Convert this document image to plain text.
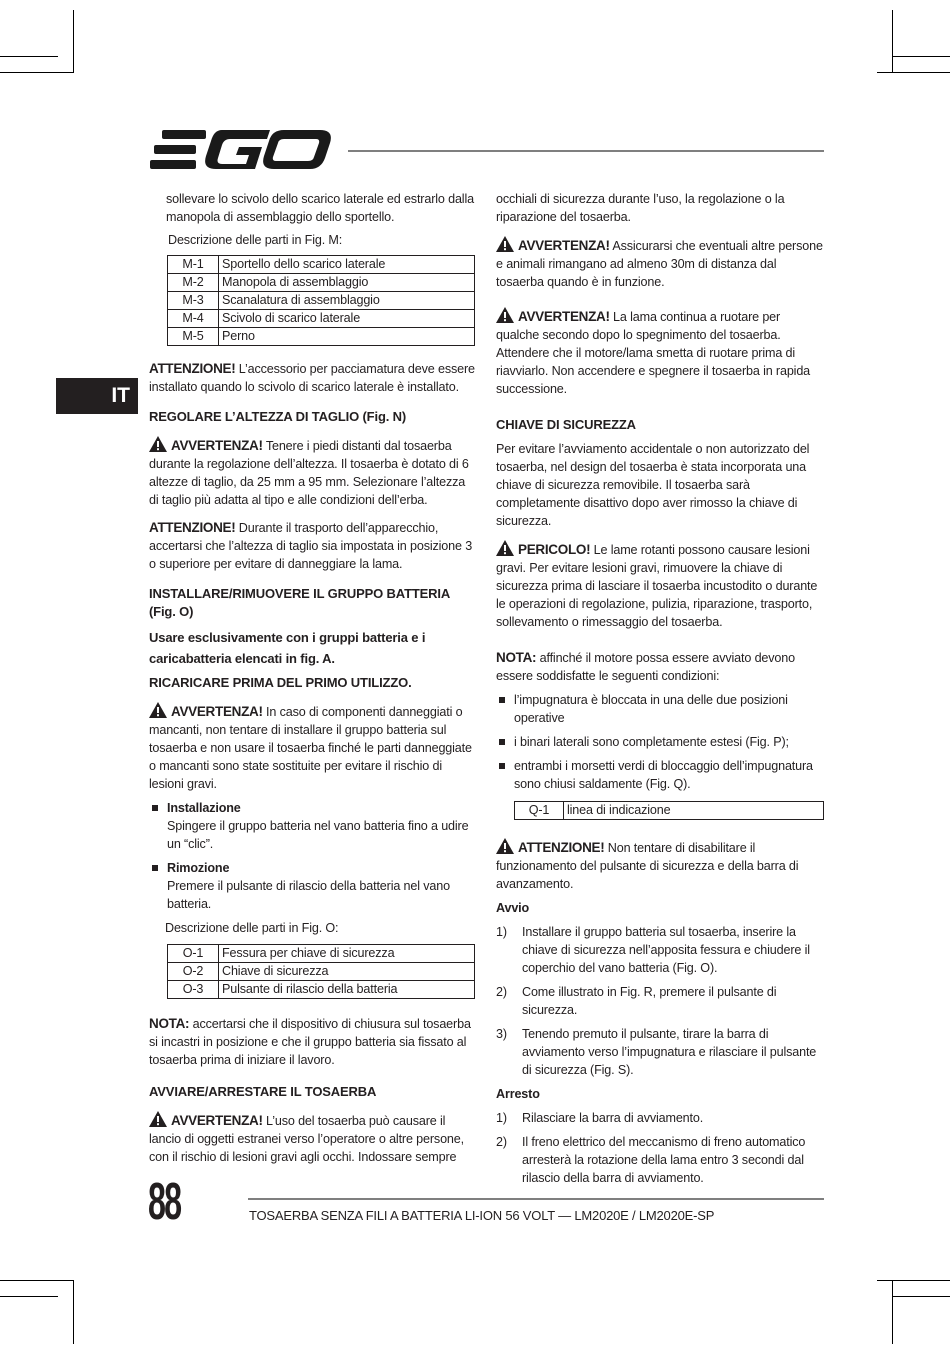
IT

sollevare lo scivolo dello scarico laterale ed estrarlo dalla manopola di assemblaggio dello sportello.

Descrizione delle parti in Fig. M:

M-1	Sportello dello scarico laterale
M-2	Manopola di assemblaggio
M-3	Scanalatura di assemblaggio
M-4	Scivolo di scarico laterale
M-5	Perno

ATTENZIONE! L’accessorio per pacciamatura deve essere installato quando lo scivolo di scarico laterale è installato.

REGOLARE L’ALTEZZA DI TAGLIO (Fig. N)

AVVERTENZA! Tenere i piedi distanti dal tosaerba durante la regolazione dell’altezza. Il tosaerba è dotato di 6 altezze di taglio, da 25 mm a 95 mm. Selezionare l’altezza di taglio più adatta al tipo e alle condizioni dell’erba.

ATTENZIONE! Durante il trasporto dell’apparecchio, accertarsi che l’altezza di taglio sia impostata in posizione 3 o superiore per evitare di danneggiare la lama.

INSTALLARE/RIMUOVERE IL GRUPPO BATTERIA (Fig. O)

Usare esclusivamente con i gruppi batteria e i caricabatteria elencati in fig. A.

RICARICARE PRIMA DEL PRIMO UTILIZZO.

AVVERTENZA! In caso di componenti danneggiati o mancanti, non tentare di installare il gruppo batteria sul tosaerba e non usare il tosaerba finché le parti danneggiate o mancanti sono state sostituite per evitare il rischio di lesioni gravi.

Installazione
Spingere il gruppo batteria nel vano batteria fino a udire un “clic”.
Rimozione
Premere il pulsante di rilascio della batteria nel vano batteria.

Descrizione delle parti in Fig. O:

O-1	Fessura per chiave di sicurezza
O-2	Chiave di sicurezza
O-3	Pulsante di rilascio della batteria

NOTA: accertarsi che il dispositivo di chiusura sul tosaerba si incastri in posizione e che il gruppo batteria sia fissato al tosaerba prima di iniziare il lavoro.

AVVIARE/ARRESTARE IL TOSAERBA

AVVERTENZA! L’uso del tosaerba può causare il lancio di oggetti estranei verso l’operatore o altre persone, con il rischio di lesioni gravi agli occhi. Indossare sempre

occhiali di sicurezza durante l’uso, la regolazione o la riparazione del tosaerba.

AVVERTENZA! Assicurarsi che eventuali altre persone e animali rimangano ad almeno 30m di distanza dal tosaerba quando è in funzione.

AVVERTENZA! La lama continua a ruotare per qualche secondo dopo lo spegnimento del tosaerba. Attendere che il motore/lama smetta di ruotare prima di riavviarlo. Non accendere e spegnere il tosaerba in rapida successione.

CHIAVE DI SICUREZZA

Per evitare l’avviamento accidentale o non autorizzato del tosaerba, nel design del tosaerba è stata incorporata una chiave di sicurezza removibile. Il tosaerba sarà completamente disattivo dopo aver rimosso la chiave di sicurezza.

PERICOLO! Le lame rotanti possono causare lesioni gravi. Per evitare lesioni gravi, rimuovere la chiave di sicurezza prima di lasciare il tosaerba incustodito o durante le operazioni di regolazione, pulizia, riparazione, trasporto, sollevamento o rimessaggio del tosaerba.

NOTA: affinché il motore possa essere avviato devono essere soddisfatte le seguenti condizioni:

l’impugnatura è bloccata in una delle due posizioni operative
i binari laterali sono completamente estesi (Fig. P);
entrambi i morsetti verdi di bloccaggio dell’impugnatura sono chiusi saldamente (Fig. Q).
Q-1	linea di indicazione

ATTENZIONE! Non tentare di disabilitare il funzionamento del pulsante di sicurezza e della barra di avanzamento.

Avvio

1) Installare il gruppo batteria sul tosaerba, inserire la chiave di sicurezza nell’apposita fessura e chiudere il coperchio del vano batteria (Fig. O).
2) Come illustrato in Fig. R, premere il pulsante di sicurezza.
3) Tenendo premuto il pulsante, tirare la barra di avviamento verso l’impugnatura e rilasciare il pulsante di sicurezza (Fig. S).

Arresto

1) Rilasciare la barra di avviamento.
2) Il freno elettrico del meccanismo di freno automatico arresterà la rotazione della lama entro 3 secondi dal rilascio della barra di avviamento.
88	TOSAERBA SENZA FILI A BATTERIA LI-ION 56 VOLT — LM2020E / LM2020E-SP
